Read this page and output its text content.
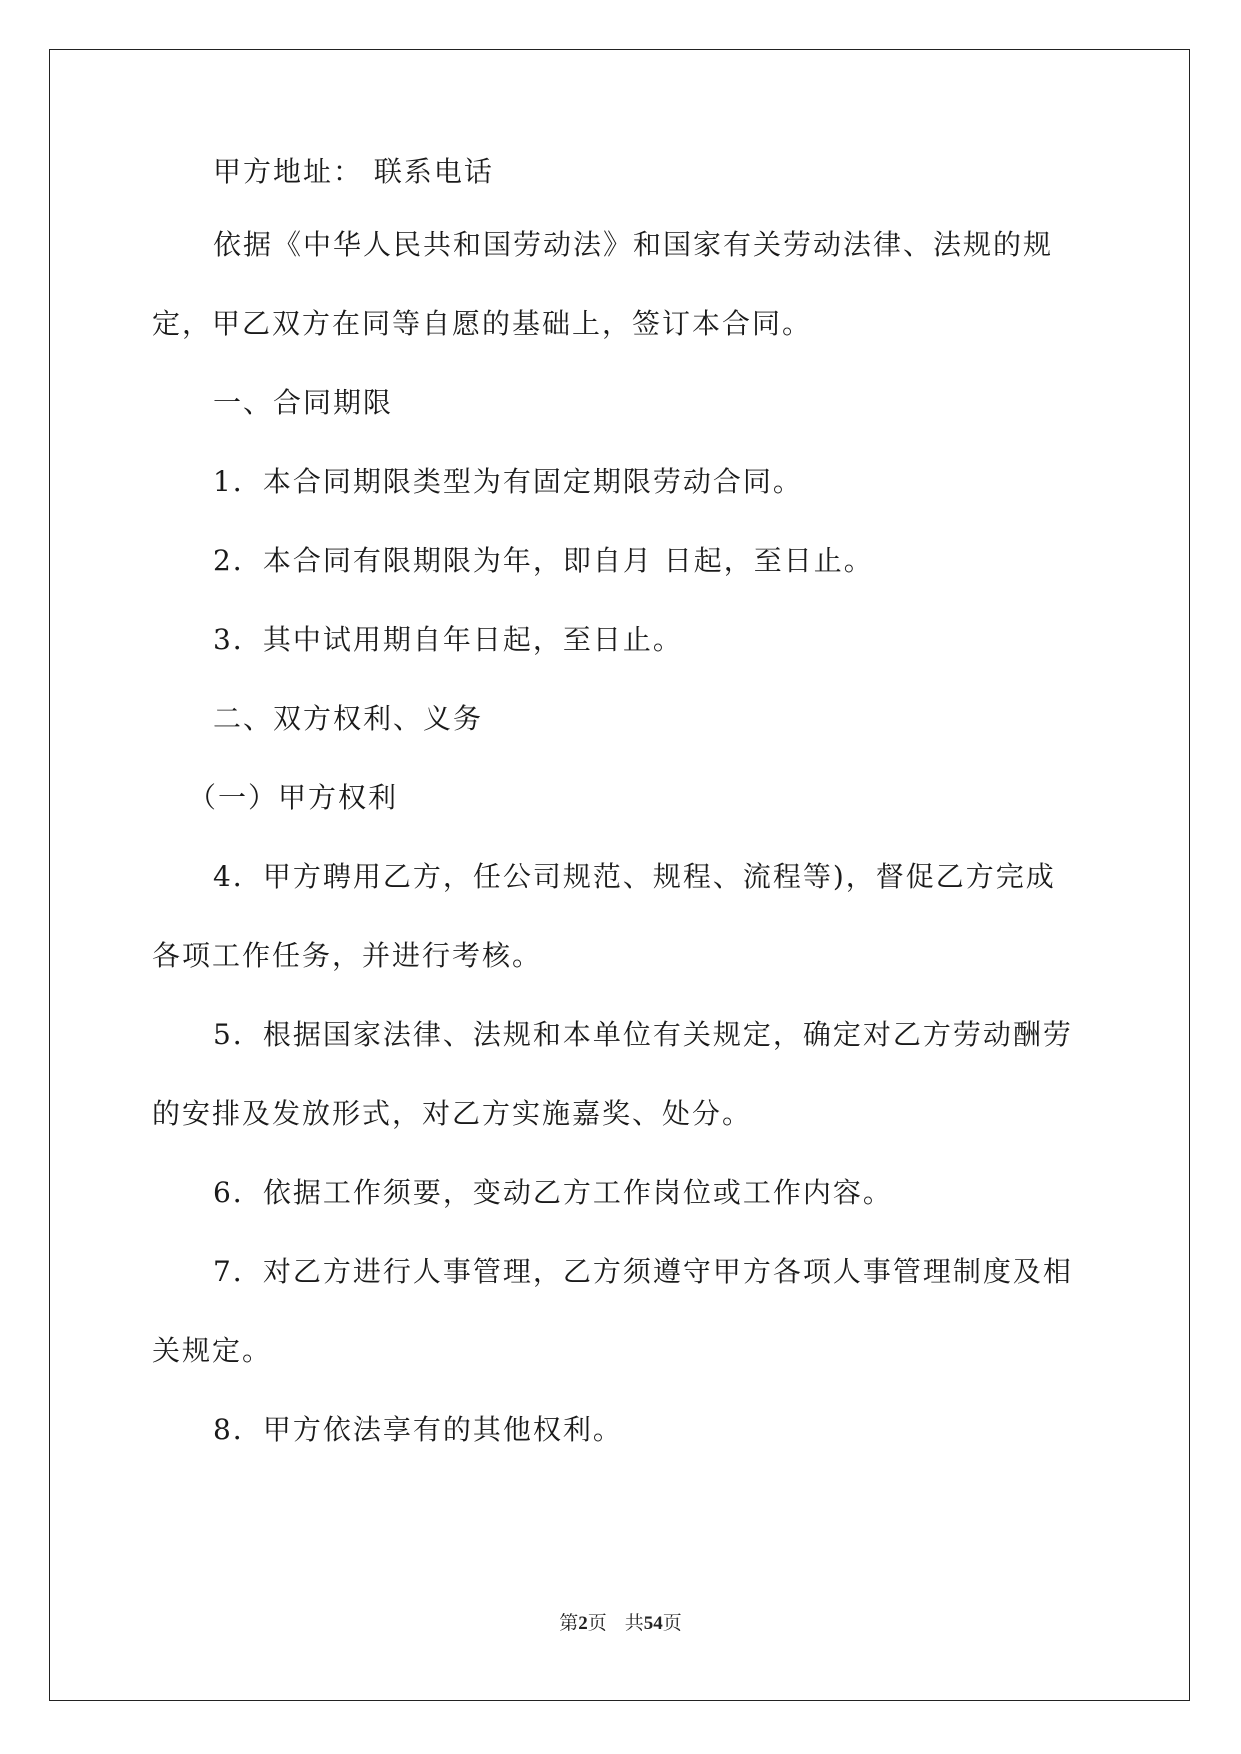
甲方地址： 联系电话

依据《中华人民共和国劳动法》和国家有关劳动法律、法规的规

定，甲乙双方在同等自愿的基础上，签订本合同。

一、合同期限

1．本合同期限类型为有固定期限劳动合同。

2．本合同有限期限为年，即自月 日起，至日止。

3．其中试用期自年日起，至日止。

二、双方权利、义务

（一）甲方权利

4．甲方聘用乙方，任公司规范、规程、流程等)，督促乙方完成

各项工作任务，并进行考核。

5．根据国家法律、法规和本单位有关规定，确定对乙方劳动酬劳

的安排及发放形式，对乙方实施嘉奖、处分。

6．依据工作须要，变动乙方工作岗位或工作内容。

7．对乙方进行人事管理，乙方须遵守甲方各项人事管理制度及相

关规定。

8．甲方依法享有的其他权利。

第2页 共54页
